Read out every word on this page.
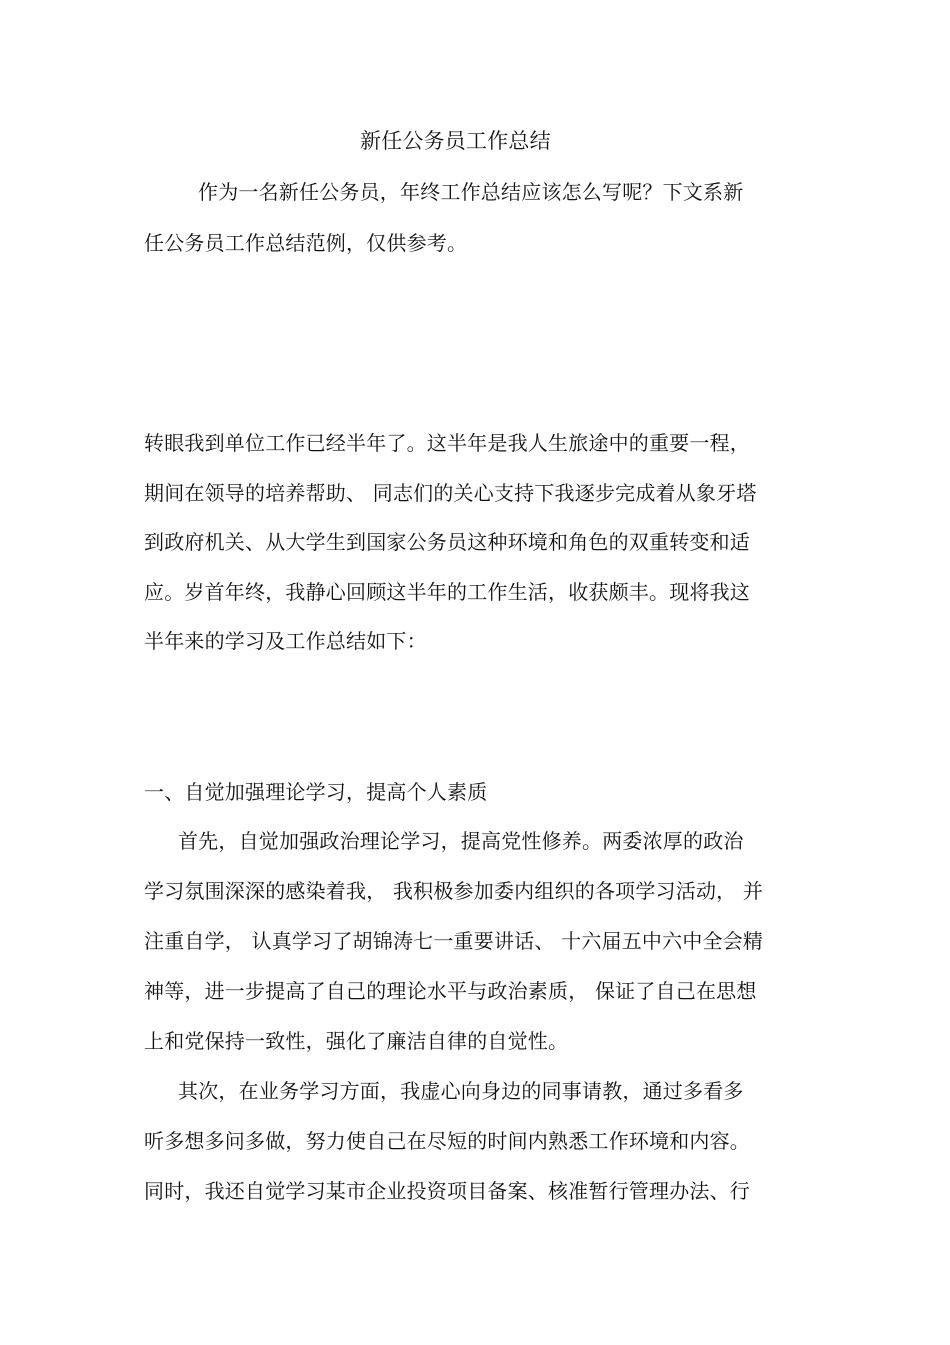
新任公务员工作总结
作为一名新任公务员，年终工作总结应该怎么写呢？下文系新
任公务员工作总结范例，仅供参考。
转眼我到单位工作已经半年了。这半年是我人生旅途中的重要一程，
期间在领导的培养帮助、 同志们的关心支持下我逐步完成着从象牙塔
到政府机关、从大学生到国家公务员这种环境和角色的双重转变和适
应。岁首年终，我静心回顾这半年的工作生活，收获颇丰。现将我这
半年来的学习及工作总结如下：
一、自觉加强理论学习，提高个人素质
首先，自觉加强政治理论学习，提高党性修养。两委浓厚的政治
学习氛围深深的感染着我， 我积极参加委内组织的各项学习活动， 并
注重自学， 认真学习了胡锦涛七一重要讲话、 十六届五中六中全会精
神等，进一步提高了自己的理论水平与政治素质， 保证了自己在思想
上和党保持一致性，强化了廉洁自律的自觉性。
其次，在业务学习方面，我虚心向身边的同事请教，通过多看多
听多想多问多做，努力使自己在尽短的时间内熟悉工作环境和内容。
同时，我还自觉学习某市企业投资项目备案、核准暂行管理办法、行
